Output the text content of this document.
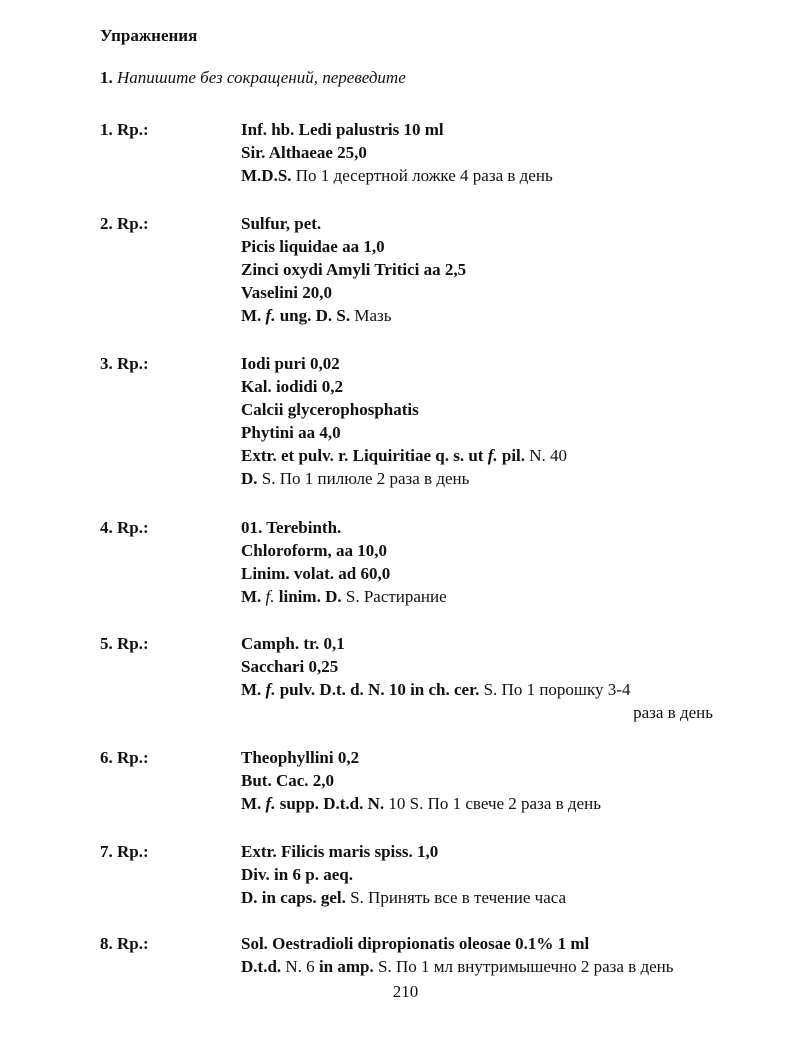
Упражнения
1. Напишите без сокращений, переведите
1. Rp.:	Inf. hb. Ledi palustris 10 ml
Sir. Althaeae 25,0
M.D.S. По 1 десертной ложке 4 раза в день
2. Rp.:	Sulfur, pet.
Picis liquidae aa 1,0
Zinci oxydi Amyli Tritici aa 2,5
Vaselini 20,0
M. f. ung. D. S. Мазь
3. Rp.:	Iodi puri 0,02
Kal. iodidi 0,2
Calcii glycerophosphatis
Phytini aa 4,0
Extr. et pulv. r. Liquiritiae q. s. ut f. pil. N. 40
D. S. По 1 пилюле 2 раза в день
4. Rp.:	01. Terebinth.
Chloroform, aa 10,0
Linim. volat. ad 60,0
M. f. linim. D. S. Растирание
5. Rp.:	Camph. tr. 0,1
Sacchari 0,25
M. f. pulv. D.t. d. N. 10 in ch. cer. S. По 1 порошку 3-4
раза в день
6. Rp.:	Theophyllini 0,2
But. Cac. 2,0
M. f. supp. D.t.d. N. 10 S. По 1 свече 2 раза в день
7. Rp.:	Extr. Filicis maris spiss. 1,0
Div. in 6 p. aeq.
D. in caps. gel. S. Принять все в течение часа
8. Rp.:	Sol. Oestradioli dipropionatis oleosae 0.1% 1 ml
D.t.d. N. 6 in amp. S. По 1 мл внутримышечно 2 раза в день
210
